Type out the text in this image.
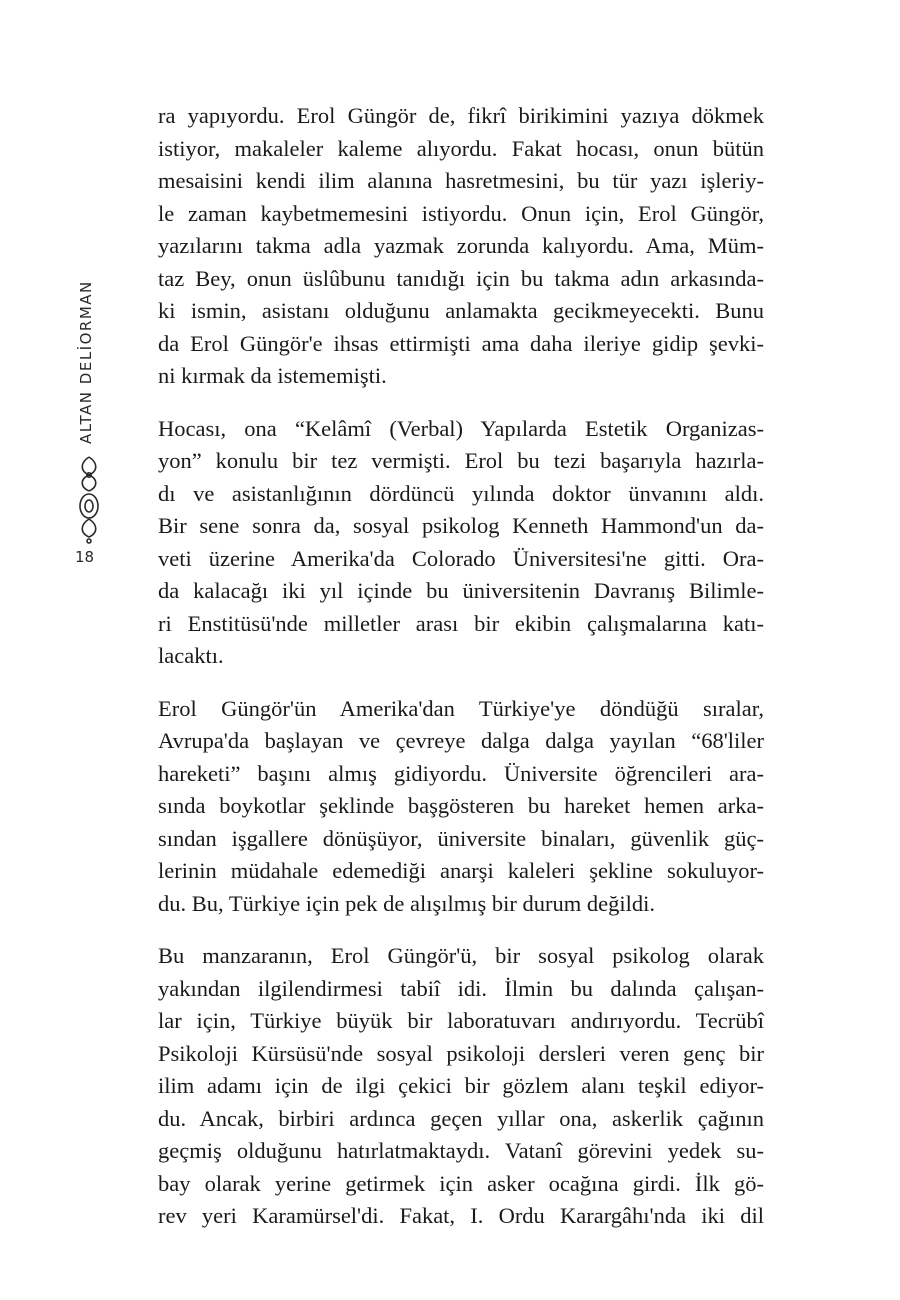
ALTAN DELİORMAN
18

ra yapıyordu. Erol Güngör de, fikrî birikimini yazıya dökmek
istiyor, makaleler kaleme alıyordu. Fakat hocası, onun bütün
mesaisini kendi ilim alanına hasretmesini, bu tür yazı işleriy-
le zaman kaybetmemesini istiyordu. Onun için, Erol Güngör,
yazılarını takma adla yazmak zorunda kalıyordu. Ama, Müm-
taz Bey, onun üslûbunu tanıdığı için bu takma adın arkasında-
ki ismin, asistanı olduğunu anlamakta gecikmeyecekti. Bunu
da Erol Güngör'e ihsas ettirmişti ama daha ileriye gidip şevki-
ni kırmak da istememişti.

Hocası, ona “Kelâmî (Verbal) Yapılarda Estetik Organizas-
yon” konulu bir tez vermişti. Erol bu tezi başarıyla hazırla-
dı ve asistanlığının dördüncü yılında doktor ünvanını aldı.
Bir sene sonra da, sosyal psikolog Kenneth Hammond'un da-
veti üzerine Amerika'da Colorado Üniversitesi'ne gitti. Ora-
da kalacağı iki yıl içinde bu üniversitenin Davranış Bilimle-
ri Enstitüsü'nde milletler arası bir ekibin çalışmalarına katı-
lacaktı.

Erol Güngör'ün Amerika'dan Türkiye'ye döndüğü sıralar,
Avrupa'da başlayan ve çevreye dalga dalga yayılan “68'liler
hareketi” başını almış gidiyordu. Üniversite öğrencileri ara-
sında boykotlar şeklinde başgösteren bu hareket hemen arka-
sından işgallere dönüşüyor, üniversite binaları, güvenlik güç-
lerinin müdahale edemediği anarşi kaleleri şekline sokuluyor-
du. Bu, Türkiye için pek de alışılmış bir durum değildi.

Bu manzaranın, Erol Güngör'ü, bir sosyal psikolog olarak
yakından ilgilendirmesi tabiî idi. İlmin bu dalında çalışan-
lar için, Türkiye büyük bir laboratuvarı andırıyordu. Tecrübî
Psikoloji Kürsüsü'nde sosyal psikoloji dersleri veren genç bir
ilim adamı için de ilgi çekici bir gözlem alanı teşkil ediyor-
du. Ancak, birbiri ardınca geçen yıllar ona, askerlik çağının
geçmiş olduğunu hatırlatmaktaydı. Vatanî görevini yedek su-
bay olarak yerine getirmek için asker ocağına girdi. İlk gö-
rev yeri Karamürsel'di. Fakat, I. Ordu Karargâhı'nda iki dil
